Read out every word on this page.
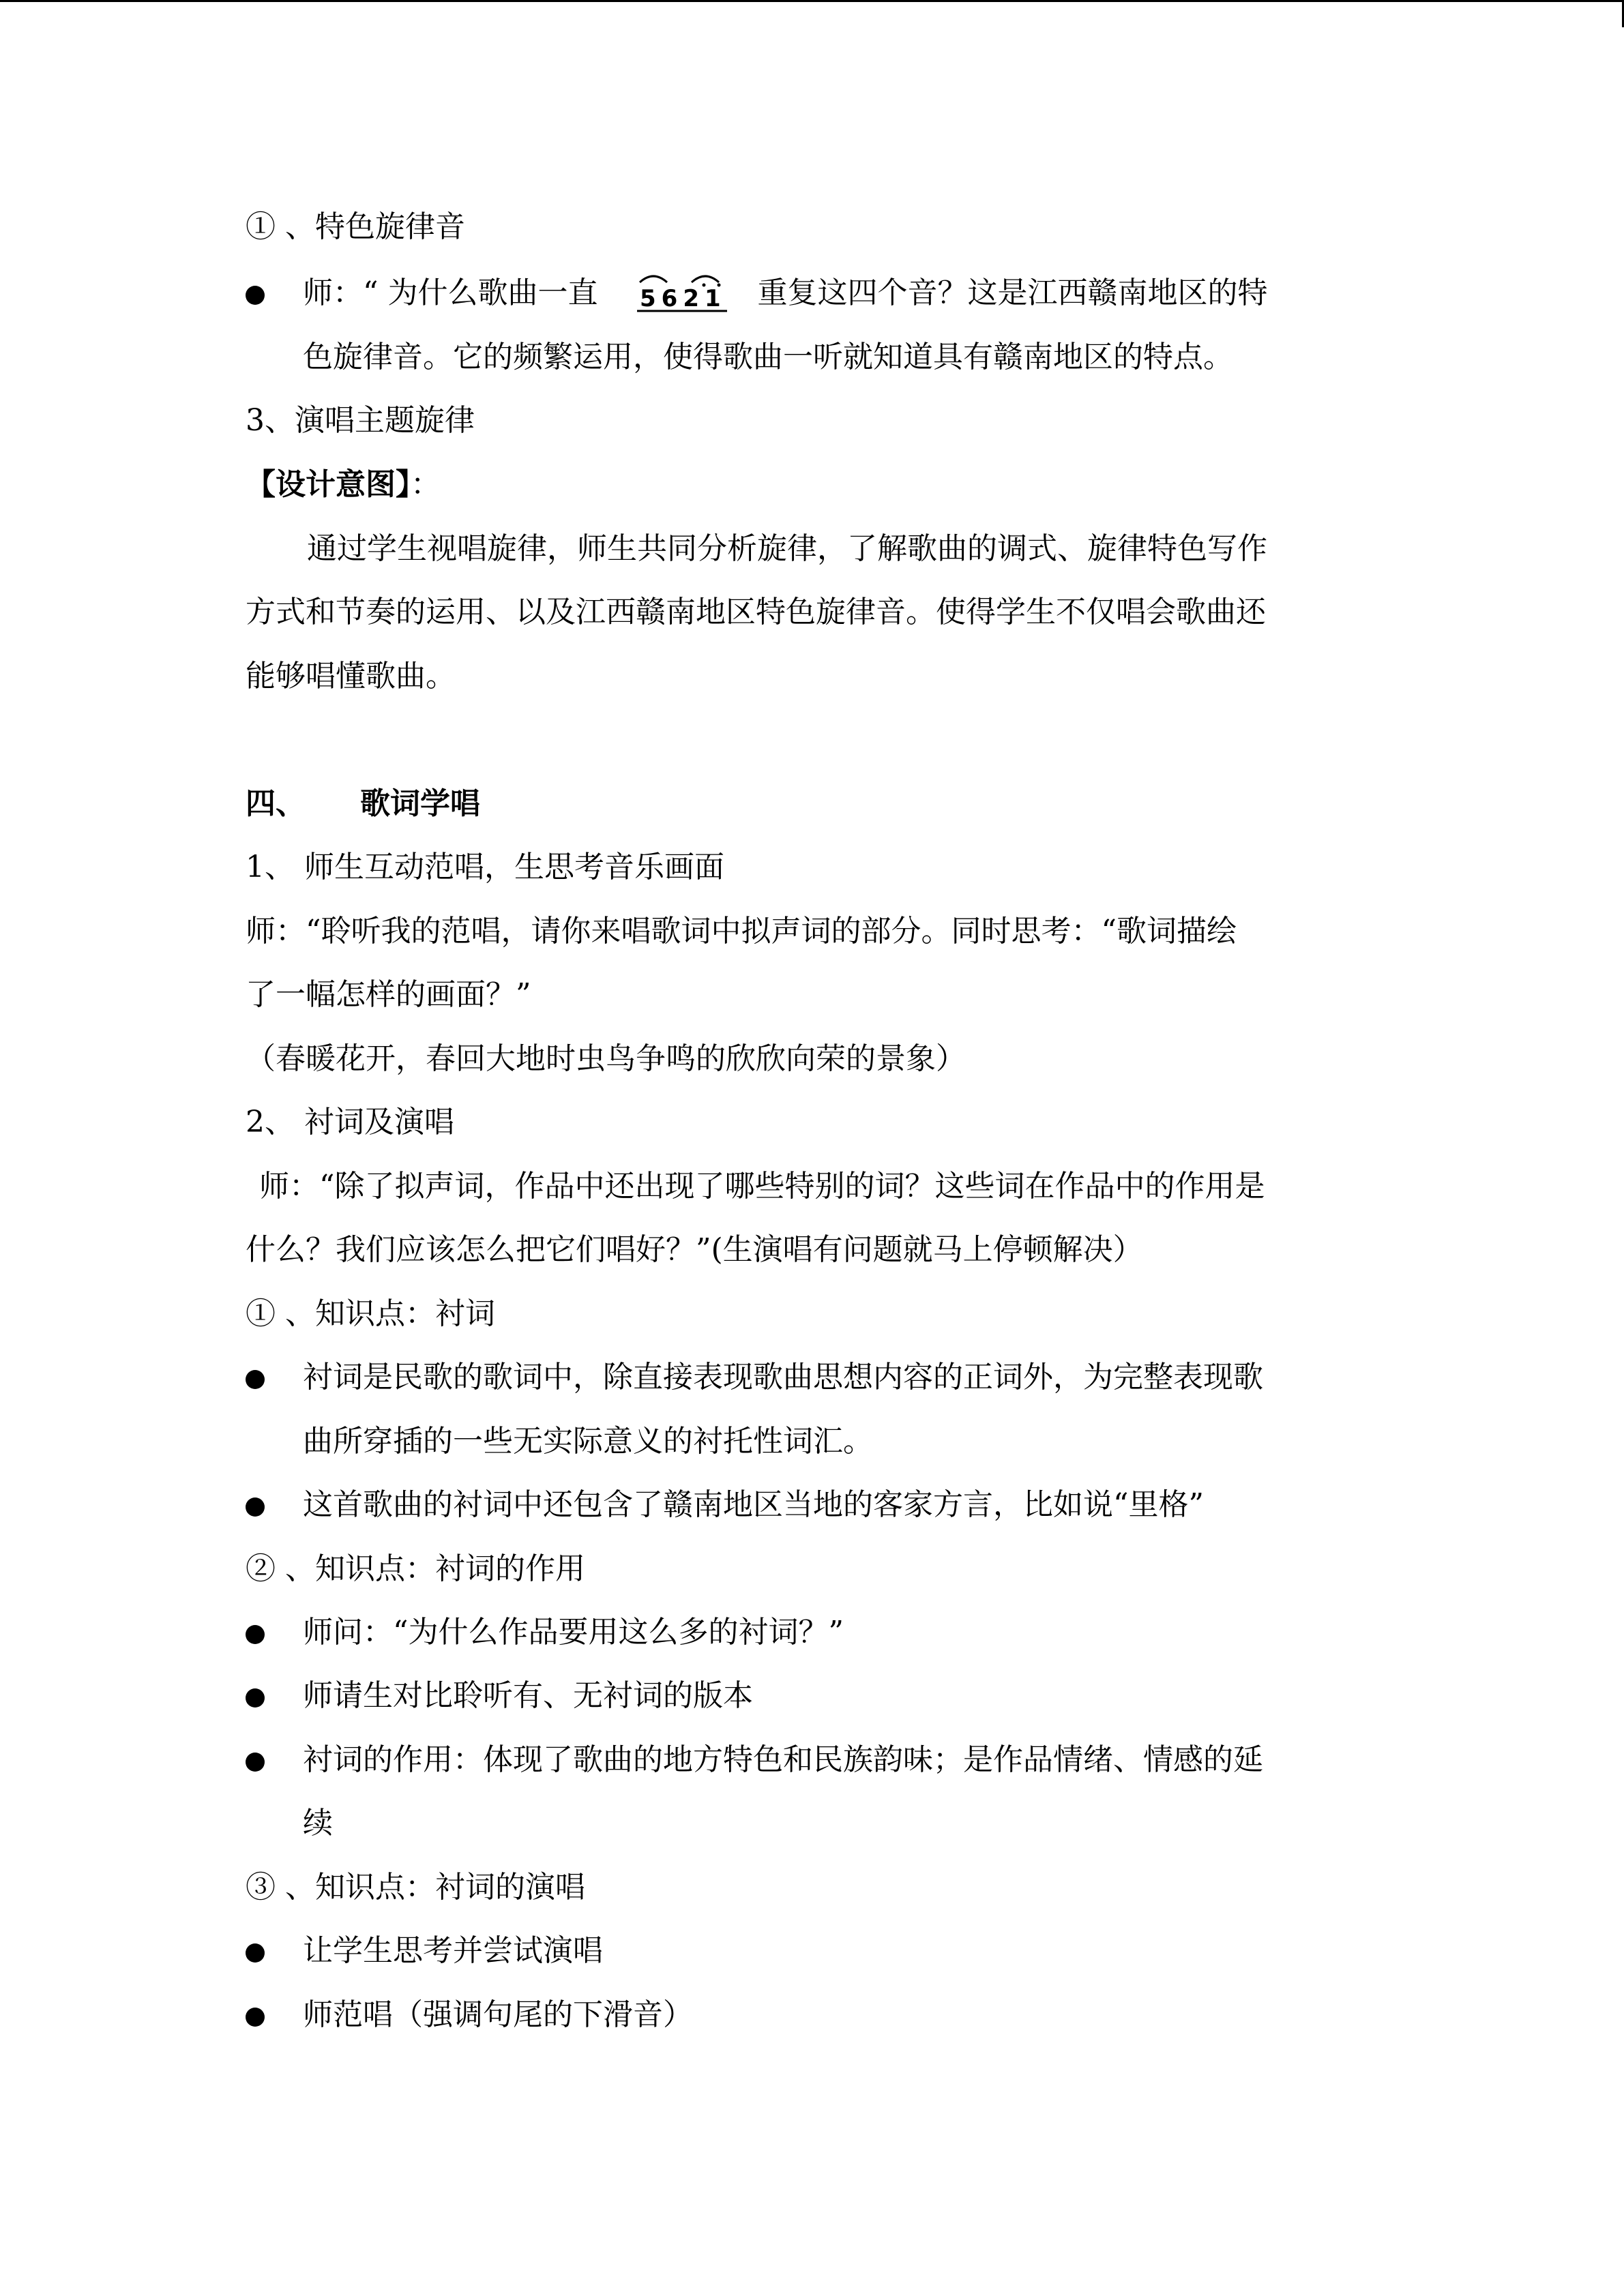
① 、特色旋律音
师：“ 为什么歌曲一直 5621 重复这四个音？这是江西赣南地区的特
色旋律音。它的频繁运用，使得歌曲一听就知道具有赣南地区的特点。
3、演唱主题旋律
【设计意图】：
通过学生视唱旋律，师生共同分析旋律，了解歌曲的调式、旋律特色写作
方式和节奏的运用、以及江西赣南地区特色旋律音。使得学生不仅唱会歌曲还
能够唱懂歌曲。
四、 歌词学唱
1、 师生互动范唱，生思考音乐画面
师：“聆听我的范唱，请你来唱歌词中拟声词的部分。同时思考：“歌词描绘
了一幅怎样的画面？”
（春暖花开，春回大地时虫鸟争鸣的欣欣向荣的景象）
2、 衬词及演唱
师：“除了拟声词，作品中还出现了哪些特别的词？这些词在作品中的作用是
什么？我们应该怎么把它们唱好？”(生演唱有问题就马上停顿解决）
① 、知识点：衬词
衬词是民歌的歌词中，除直接表现歌曲思想内容的正词外，为完整表现歌
曲所穿插的一些无实际意义的衬托性词汇。
这首歌曲的衬词中还包含了赣南地区当地的客家方言，比如说“里格”
② 、知识点：衬词的作用
师问：“为什么作品要用这么多的衬词？”
师请生对比聆听有、无衬词的版本
衬词的作用：体现了歌曲的地方特色和民族韵味；是作品情绪、情感的延
续
③ 、知识点：衬词的演唱
让学生思考并尝试演唱
师范唱（强调句尾的下滑音）
